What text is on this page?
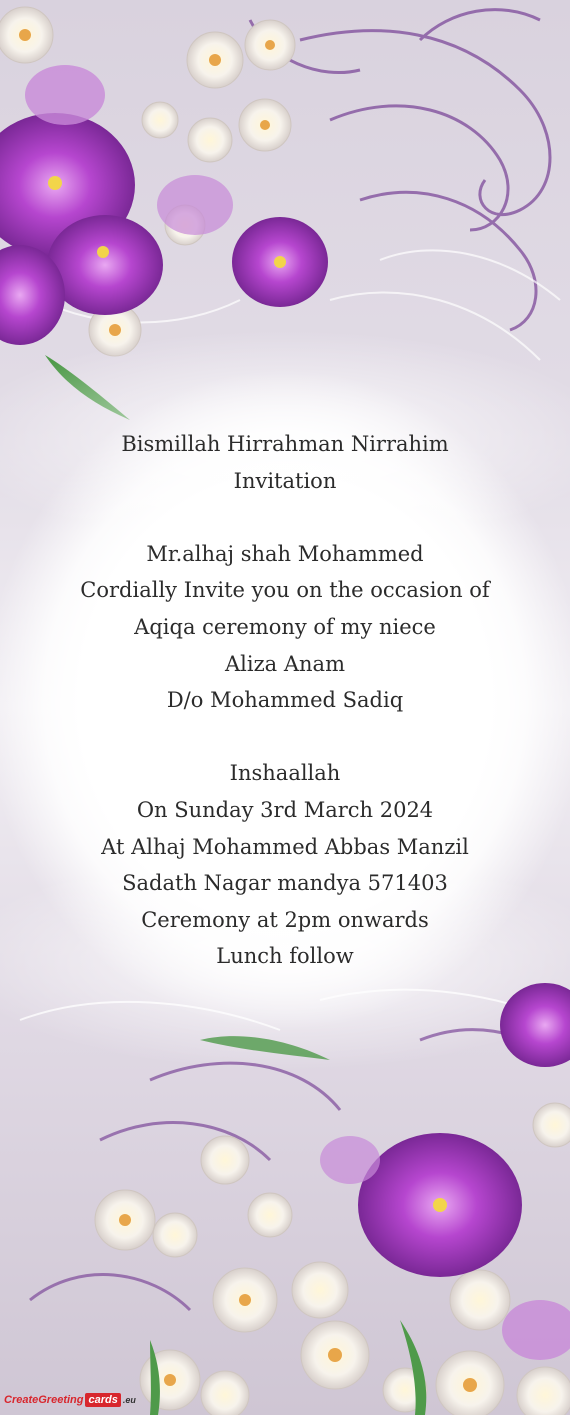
Bismillah Hirrahman Nirrahim
Invitation
Mr.alhaj shah Mohammed
Cordially Invite you on the occasion of
Aqiqa ceremony of my niece
Aliza Anam
D/o Mohammed Sadiq
Inshaallah
On Sunday 3rd March 2024
At Alhaj Mohammed Abbas Manzil
Sadath Nagar mandya 571403
Ceremony at 2pm onwards
Lunch follow
CreateGreeting cards .eu
